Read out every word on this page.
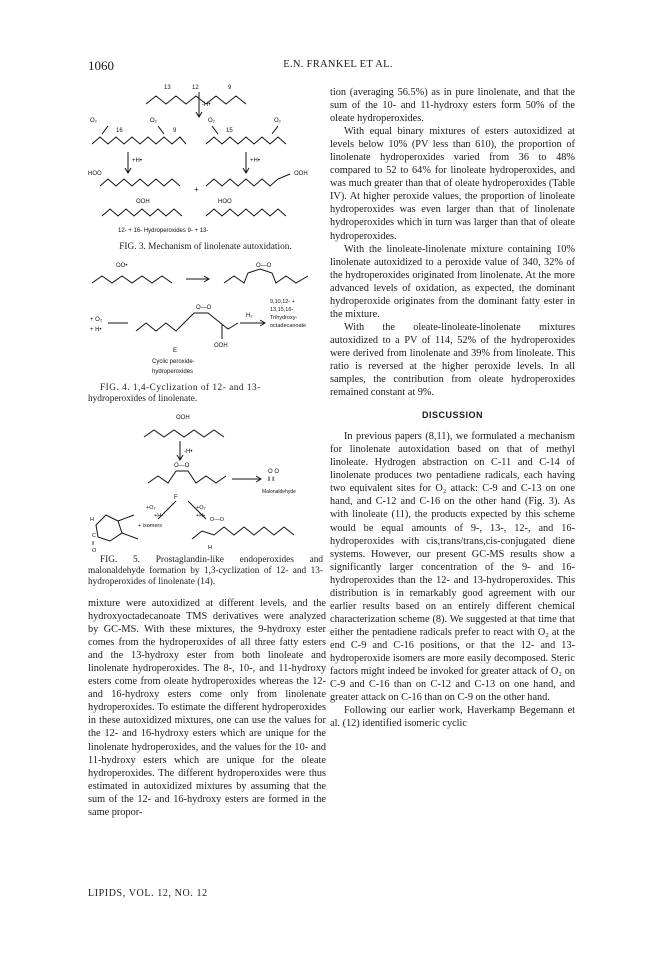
1060	E.N. FRANKEL ET AL.
13	12	9
-H•
O₂	O₂	O₂	O₂
16	9	15
+H•	+H•
HOO	OOH
OOH	HOO
+
12- + 16- Hydroperoxides 9- + 13-

FIG. 3. Mechanism of linolenate autoxidation.

OO•	O—O
O—O
+ O₂
+ H•
H₂
9,10,12- +
13,15,16-
Trihydroxy-
octadecanoate
E
OOH
Cyclic peroxide-
hydroperoxides

FIG. 4. 1,4-Cyclization of 12- and 13-

hydroperoxides of linolenate.

OOH
-H•
O—O
O O
‖ ‖
Malonaldehyde
F
+O₂
+H•
+O₂
+H•
+ isomers
H
C
‖
O
O—O
H

FIG. 5. Prostaglandin-like endoperoxides and malonaldehyde formation by 1,3-cyclization of 12- and 13-hydroperoxides of linolenate (14).

mixture were autoxidized at different levels, and the hydroxyoctadecanoate TMS derivatives were analyzed by GC-MS. With these mixtures, the 9-hydroxy ester comes from the hydroperoxides of all three fatty esters and the 13-hydroxy ester from both linoleate and linolenate hydroperoxides. The 8-, 10-, and 11-hydroxy esters come from oleate hydroperoxides whereas the 12- and 16-hydroxy esters come only from linolenate hydroperoxides. To estimate the different hydroperoxides in these autoxidized mixtures, one can use the values for the 12- and 16-hydroxy esters which are unique for the linolenate hydroperoxides, and the values for the 10- and 11-hydroxy esters which are unique for the oleate hydroperoxides. The different hydroperoxides were thus estimated in autoxidized mixtures by assuming that the sum of the 12- and 16-hydroxy esters are formed in the same propor-

tion (averaging 56.5%) as in pure linolenate, and that the sum of the 10- and 11-hydroxy esters form 50% of the oleate hydroperoxides.

With equal binary mixtures of esters autoxidized at levels below 10% (PV less than 610), the proportion of linolenate hydroperoxides varied from 36 to 48% compared to 52 to 64% for linoleate hydroperoxides, and was much greater than that of oleate hydroperoxides (Table IV). At higher peroxide values, the proportion of linoleate hydroperoxides was even larger than that of linolenate hydroperoxides which in turn was larger than that of oleate hydroperoxides.

With the linoleate-linolenate mixture containing 10% linolenate autoxidized to a peroxide value of 340, 32% of the hydroperoxides originated from linolenate. At the more advanced levels of oxidation, as expected, the dominant hydroperoxide originates from the dominant fatty ester in the mixture.

With the oleate-linoleate-linolenate mixtures autoxidized to a PV of 114, 52% of the hydroperoxides were derived from linolenate and 39% from linoleate. This ratio is reversed at the higher peroxide levels. In all samples, the contribution from oleate hydroperoxides remained constant at 9%.

DISCUSSION

In previous papers (8,11), we formulated a mechanism for linolenate autoxidation based on that of methyl linoleate. Hydrogen abstraction on C-11 and C-14 of linolenate produces two pentadiene radicals, each having two equivalent sites for O₂ attack: C-9 and C-13 on one hand, and C-12 and C-16 on the other hand (Fig. 3). As with linoleate (11), the products expected by this scheme would be equal amounts of 9-, 13-, 12-, and 16-hydroperoxides with cis,trans/trans,cis-conjugated diene systems. However, our present GC-MS results show a significantly larger concentration of the 9- and 16-hydroperoxides than the 12- and 13-hydroperoxides. This distribution is in remarkably good agreement with our earlier results based on an entirely different chemical characterization scheme (8). We suggested at that time that either the pentadiene radicals prefer to react with O₂ at the end C-9 and C-16 positions, or that the 12- and 13-hydroperoxide isomers are more easily decomposed. Steric factors might indeed be invoked for greater attack of O₂ on C-9 and C-16 than on C-12 and C-13 on one hand, and greater attack on C-16 than on C-9 on the other hand.

Following our earlier work, Haverkamp Begemann et al. (12) identified isomeric cyclic

LIPIDS, VOL. 12, NO. 12
